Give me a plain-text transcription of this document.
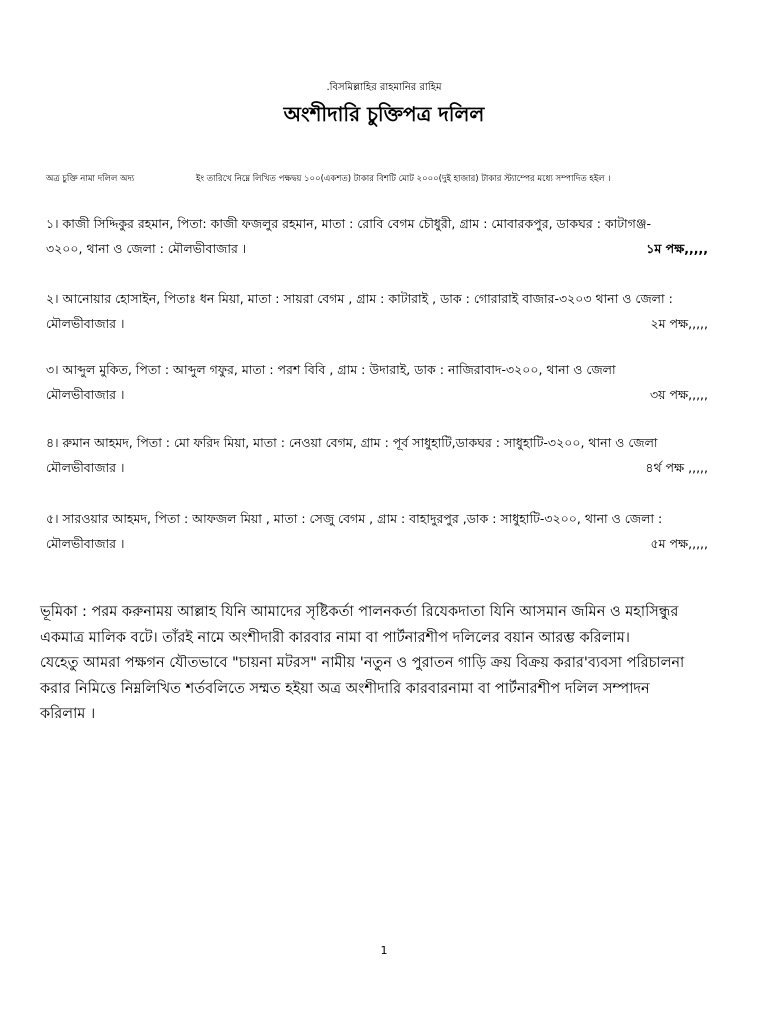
.বিসমিল্লাহির রাহমানির রাহিম
অংশীদারি চুক্তিপত্র দলিল
অত্র চুক্তি নামা দলিল অদ্য	ইং তারিখে নিম্নে লিখিত পক্ষদ্বয় ১০০(একশত) টাকার বিশটি মোট ২০০০(দুই হাজার) টাকার স্ট্যাম্পের মধ্যে সম্পাদিত হইল ।
১। কাজী সিদ্দিকুর রহমান, পিতা: কাজী ফজলুর রহমান, মাতা : রোবি বেগম চৌধুরী, গ্রাম : মোবারকপুর, ডাকঘর : কাটাগঞ্জ-
৩২০০, থানা ও জেলা : মৌলভীবাজার ।	১ম পক্ষ,,,,,
২। আনোয়ার হোসাইন, পিতাঃ ধন মিয়া, মাতা : সায়রা বেগম , গ্রাম : কাটারাই , ডাক : গোরারাই বাজার-৩২০৩ থানা ও জেলা :
মৌলভীবাজার ।	২ম পক্ষ,,,,,
৩। আব্দুল মুকিত, পিতা : আব্দুল গফুর, মাতা : পরশ বিবি , গ্রাম : উদারাই, ডাক : নাজিরাবাদ-৩২০০, থানা ও জেলা
মৌলভীবাজার ।	৩য় পক্ষ,,,,,
৪। রুমান আহমদ, পিতা : মো ফরিদ মিয়া, মাতা : নেওয়া বেগম, গ্রাম : পূর্ব সাধুহাটি,ডাকঘর : সাধুহাটি-৩২০০, থানা ও জেলা
মৌলভীবাজার ।	৪র্থ পক্ষ ,,,,,
৫। সারওয়ার আহমদ, পিতা : আফজল মিয়া , মাতা : সেজু বেগম , গ্রাম : বাহাদুরপুর ,ডাক : সাধুহাটি-৩২০০, থানা ও জেলা :
মৌলভীবাজার ।	৫ম পক্ষ,,,,,
ভূমিকা : পরম করুনাময় আল্লাহ যিনি আমাদের সৃষ্টিকর্তা পালনকর্তা রিযেকদাতা যিনি আসমান জমিন ও মহাসিন্ধুর
একমাত্র মালিক বটে। তাঁরই নামে অংশীদারী কারবার নামা বা পার্টনারশীপ দলিলের বয়ান আরম্ভ করিলাম।
যেহেতু আমরা পক্ষগন যৌতভাবে "চায়না মটরস" নামীয় 'নতুন ও পুরাতন গাড়ি ক্রয় বিক্রয় করার'ব্যবসা পরিচালনা
করার নিমিত্তে নিম্নলিখিত শর্তবলিতে সম্মত হইয়া অত্র অংশীদারি কারবারনামা বা পার্টনারশীপ দলিল সম্পাদন
করিলাম ।
1
